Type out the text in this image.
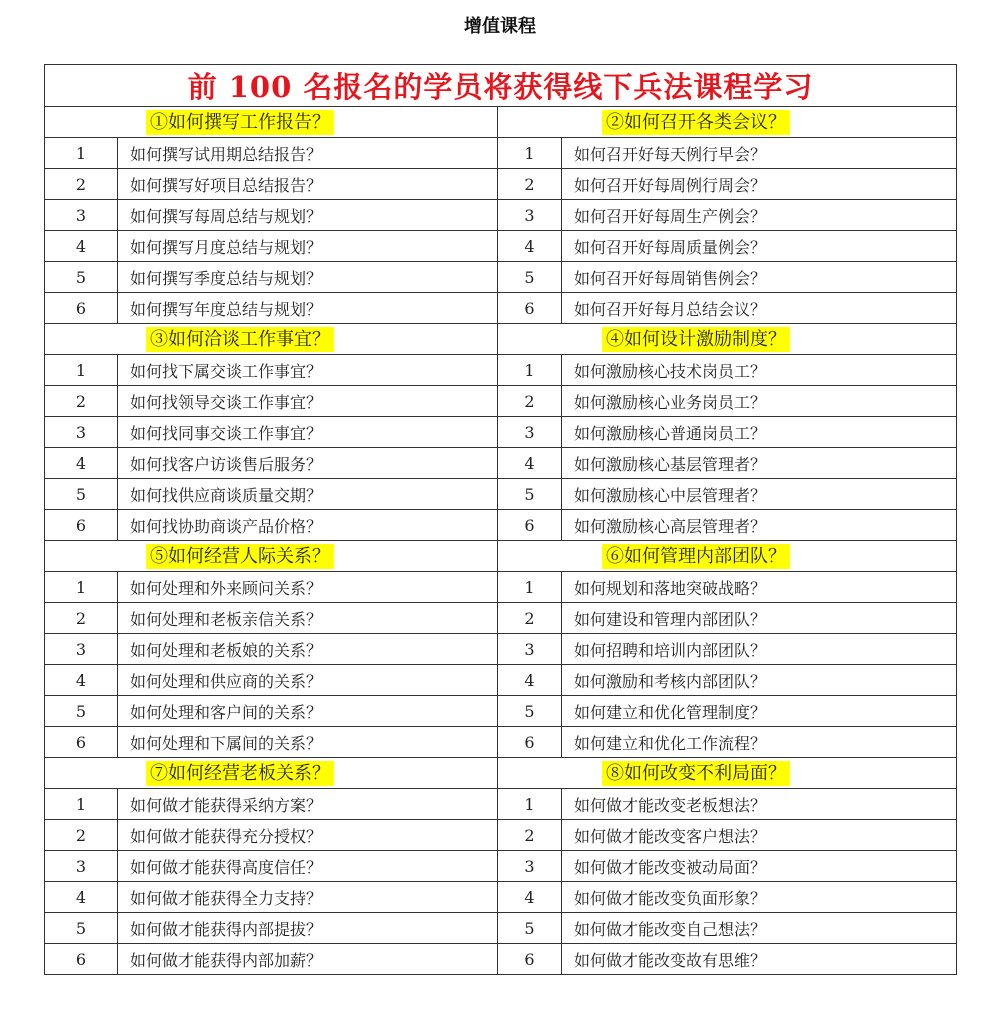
增值课程
前 100 名报名的学员将获得线下兵法课程学习			

①如何撰写工作报告？		②如何召开各类会议？	

1	如何撰写试用期总结报告？	1	如何召开好每天例行早会？
2	如何撰写好项目总结报告？	2	如何召开好每周例行周会？
3	如何撰写每周总结与规划？	3	如何召开好每周生产例会？
4	如何撰写月度总结与规划？	4	如何召开好每周质量例会？
5	如何撰写季度总结与规划？	5	如何召开好每周销售例会？
6	如何撰写年度总结与规划？	6	如何召开好每月总结会议？

③如何洽谈工作事宜？		④如何设计激励制度？	

1	如何找下属交谈工作事宜？	1	如何激励核心技术岗员工？
2	如何找领导交谈工作事宜？	2	如何激励核心业务岗员工？
3	如何找同事交谈工作事宜？	3	如何激励核心普通岗员工？
4	如何找客户访谈售后服务？	4	如何激励核心基层管理者？
5	如何找供应商谈质量交期？	5	如何激励核心中层管理者？
6	如何找协助商谈产品价格？	6	如何激励核心高层管理者？

⑤如何经营人际关系？		⑥如何管理内部团队？	

1	如何处理和外来顾问关系？	1	如何规划和落地突破战略？
2	如何处理和老板亲信关系？	2	如何建设和管理内部团队？
3	如何处理和老板娘的关系？	3	如何招聘和培训内部团队？
4	如何处理和供应商的关系？	4	如何激励和考核内部团队？
5	如何处理和客户间的关系？	5	如何建立和优化管理制度？
6	如何处理和下属间的关系？	6	如何建立和优化工作流程？

⑦如何经营老板关系？		⑧如何改变不利局面？	

1	如何做才能获得采纳方案？	1	如何做才能改变老板想法？
2	如何做才能获得充分授权？	2	如何做才能改变客户想法？
3	如何做才能获得高度信任？	3	如何做才能改变被动局面？
4	如何做才能获得全力支持？	4	如何做才能改变负面形象？
5	如何做才能获得内部提拔？	5	如何做才能改变自己想法？
6	如何做才能获得内部加薪？	6	如何做才能改变故有思维？
